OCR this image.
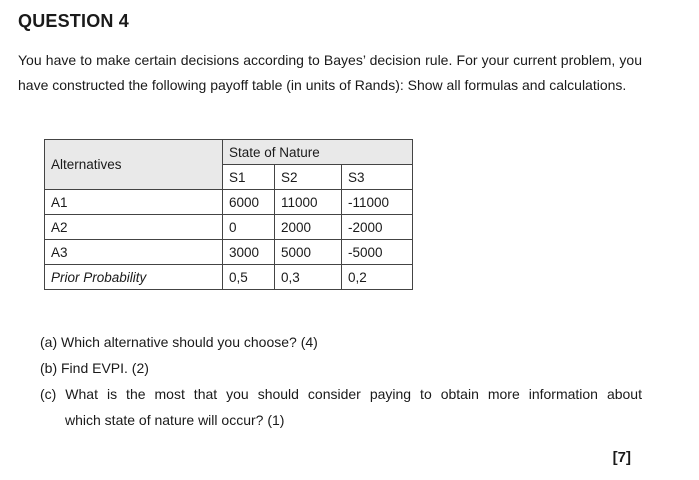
QUESTION 4
You have to make certain decisions according to Bayes’ decision rule. For your current problem, you have constructed the following payoff table (in units of Rands): Show all formulas and calculations.
Alternatives	State of Nature		
	S1	S2	S3
A1	6000	11000	-11000
A2	0	2000	-2000
A3	3000	5000	-5000
Prior Probability	0,5	0,3	0,2
(a) Which alternative should you choose? (4)
(b) Find EVPI. (2)
(c) What is the most that you should consider paying to obtain more information about
which state of nature will occur? (1)
[7]
